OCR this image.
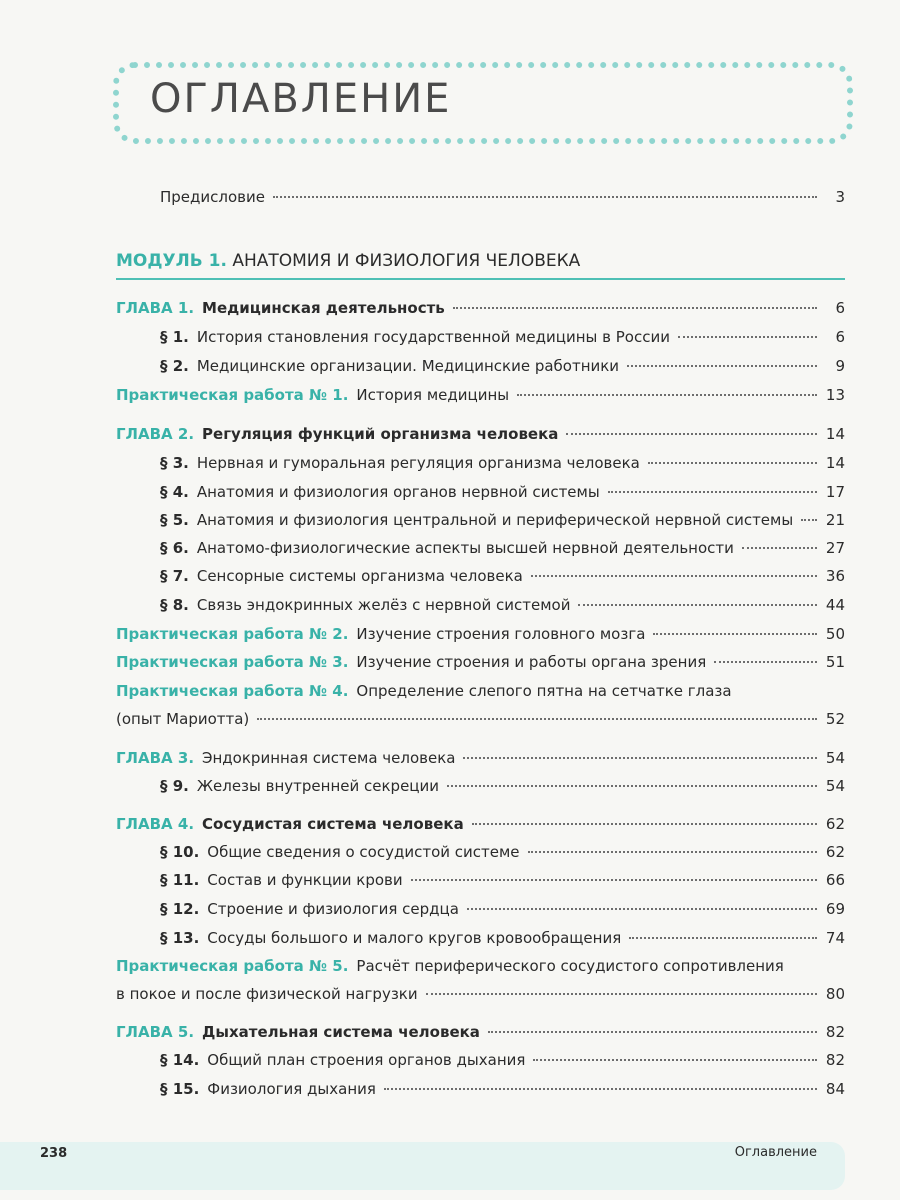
ОГЛАВЛЕНИЕ
Предисловие	3
МОДУЛЬ 1. АНАТОМИЯ И ФИЗИОЛОГИЯ ЧЕЛОВЕКА
ГЛАВА 1. Медицинская деятельность	6
§ 1. История становления государственной медицины в России	6
§ 2. Медицинские организации. Медицинские работники	9
Практическая работа № 1. История медицины	13
ГЛАВА 2. Регуляция функций организма человека	14
§ 3. Нервная и гуморальная регуляция организма человека	14
§ 4. Анатомия и физиология органов нервной системы	17
§ 5. Анатомия и физиология центральной и периферической нервной системы 21
§ 6. Анатомо-физиологические аспекты высшей нервной деятельности	27
§ 7. Сенсорные системы организма человека	36
§ 8. Связь эндокринных желёз с нервной системой	44
Практическая работа № 2. Изучение строения головного мозга	50
Практическая работа № 3. Изучение строения и работы органа зрения	51
Практическая работа № 4. Определение слепого пятна на сетчатке глаза
(опыт Мариотта)	52
ГЛАВА 3. Эндокринная система человека	54
§ 9. Железы внутренней секреции	54
ГЛАВА 4. Сосудистая система человека	62
§ 10. Общие сведения о сосудистой системе	62
§ 11. Состав и функции крови	66
§ 12. Строение и физиология сердца	69
§ 13. Сосуды большого и малого кругов кровообращения	74
Практическая работа № 5. Расчёт периферического сосудистого сопротивления
в покое и после физической нагрузки	80
ГЛАВА 5. Дыхательная система человека	82
§ 14. Общий план строения органов дыхания	82
§ 15. Физиология дыхания	84
238	Оглавление
